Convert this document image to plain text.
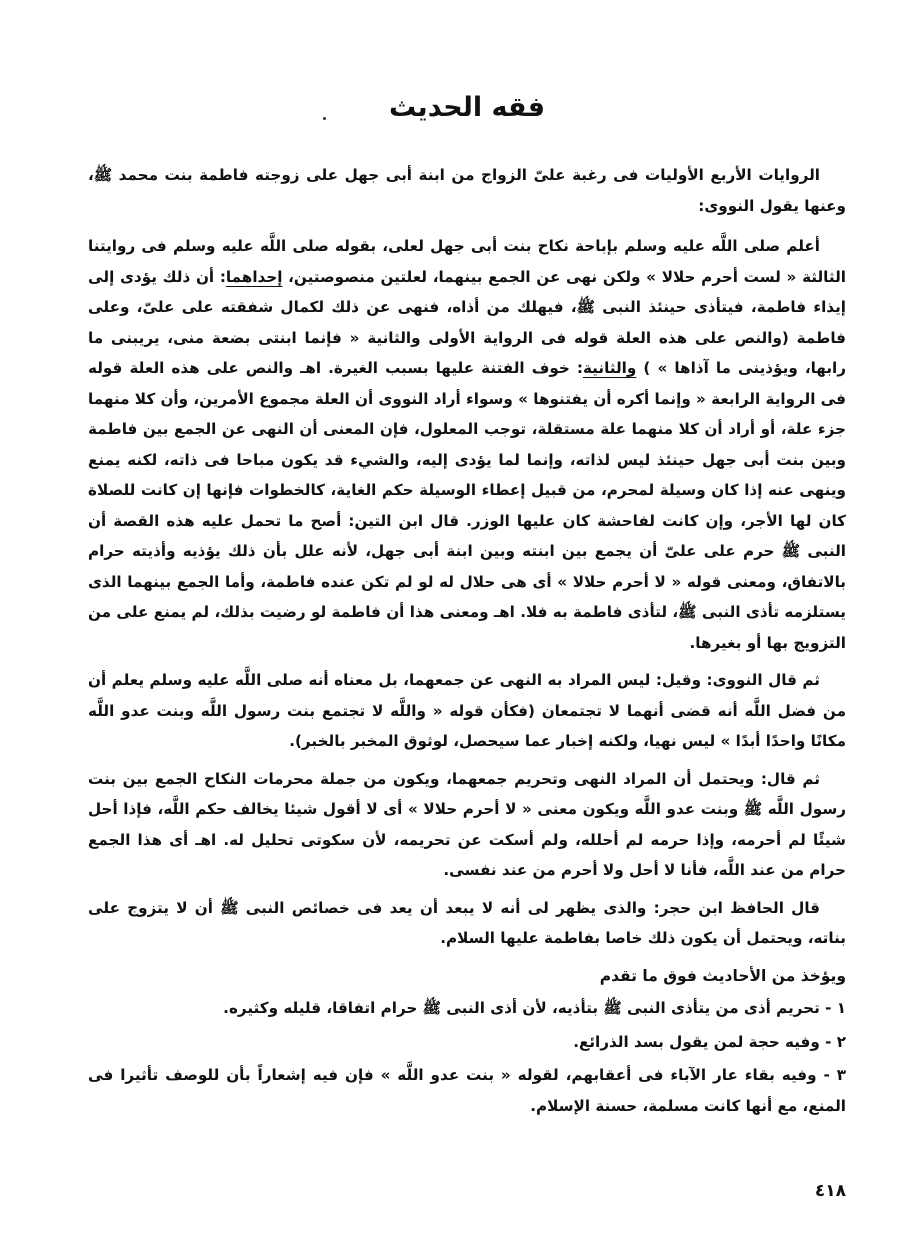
فقه الحديث

الروايات الأربع الأوليات فى رغبة علىّ الزواج من ابنة أبى جهل على زوجته فاطمة بنت محمد ﷺ، وعنها يقول النووى:

أعلم صلى اللَّه عليه وسلم بإباحة نكاح بنت أبى جهل لعلى، بقوله صلى اللَّه عليه وسلم فى روايتنا الثالثة « لست أحرم حلالا » ولكن نهى عن الجمع بينهما، لعلتين منصوصتين، إحداهما: أن ذلك يؤدى إلى إيذاء فاطمة، فيتأذى حينئذ النبى ﷺ، فيهلك من أذاه، فنهى عن ذلك لكمال شفقته على علىّ، وعلى فاطمة (والنص على هذه العلة قوله فى الرواية الأولى والثانية « فإنما ابنتى بضعة منى، يريبنى ما رابها، ويؤذينى ما آذاها » ) والثانية: خوف الفتنة عليها بسبب الغيرة. اهـ والنص على هذه العلة قوله فى الرواية الرابعة « وإنما أكره أن يفتنوها » وسواء أراد النووى أن العلة مجموع الأمرين، وأن كلا منهما جزء علة، أو أراد أن كلا منهما علة مستقلة، توجب المعلول، فإن المعنى أن النهى عن الجمع بين فاطمة وبين بنت أبى جهل حينئذ ليس لذاته، وإنما لما يؤدى إليه، والشيء قد يكون مباحا فى ذاته، لكنه يمنع وينهى عنه إذا كان وسيلة لمحرم، من قبيل إعطاء الوسيلة حكم الغاية، كالخطوات فإنها إن كانت للصلاة كان لها الأجر، وإن كانت لفاحشة كان عليها الوزر. قال ابن التين: أصح ما تحمل عليه هذه القصة أن النبى ﷺ حرم على علىّ أن يجمع بين ابنته وبين ابنة أبى جهل، لأنه علل بأن ذلك يؤذيه وأذيته حرام بالاتفاق، ومعنى قوله « لا أحرم حلالا » أى هى حلال له لو لم تكن عنده فاطمة، وأما الجمع بينهما الذى يستلزمه تأذى النبى ﷺ، لتأذى فاطمة به فلا. اهـ ومعنى هذا أن فاطمة لو رضيت بذلك، لم يمنع على من التزويج بها أو بغيرها.

ثم قال النووى: وقيل: ليس المراد به النهى عن جمعهما، بل معناه أنه صلى اللَّه عليه وسلم يعلم أن من فضل اللَّه أنه قضى أنهما لا تجتمعان (فكأن قوله « واللَّه لا تجتمع بنت رسول اللَّه وبنت عدو اللَّه مكانًا واحدًا أبدًا » ليس نهيا، ولكنه إخبار عما سيحصل، لوثوق المخبر بالخبر).

ثم قال: ويحتمل أن المراد النهى وتحريم جمعهما، ويكون من جملة محرمات النكاح الجمع بين بنت رسول اللَّه ﷺ وبنت عدو اللَّه ويكون معنى « لا أحرم حلالا » أى لا أقول شيئا يخالف حكم اللَّه، فإذا أحل شيئًا لم أحرمه، وإذا حرمه لم أحلله، ولم أسكت عن تحريمه، لأن سكوتى تحليل له. اهـ أى هذا الجمع حرام من عند اللَّه، فأنا لا أحل ولا أحرم من عند نفسى.

قال الحافظ ابن حجر: والذى يظهر لى أنه لا يبعد أن يعد فى خصائص النبى ﷺ أن لا يتزوج على بناته، ويحتمل أن يكون ذلك خاصا بفاطمة عليها السلام.

ويؤخذ من الأحاديث فوق ما تقدم

١ - تحريم أذى من يتأذى النبى ﷺ بتأذيه، لأن أذى النبى ﷺ حرام اتفاقا، قليله وكثيره.

٢ - وفيه حجة لمن يقول بسد الذرائع.

٣ - وفيه بقاء عار الآباء فى أعقابهم، لقوله « بنت عدو اللَّه » فإن فيه إشعاراً بأن للوصف تأثيرا فى المنع، مع أنها كانت مسلمة، حسنة الإسلام.

٤١٨
